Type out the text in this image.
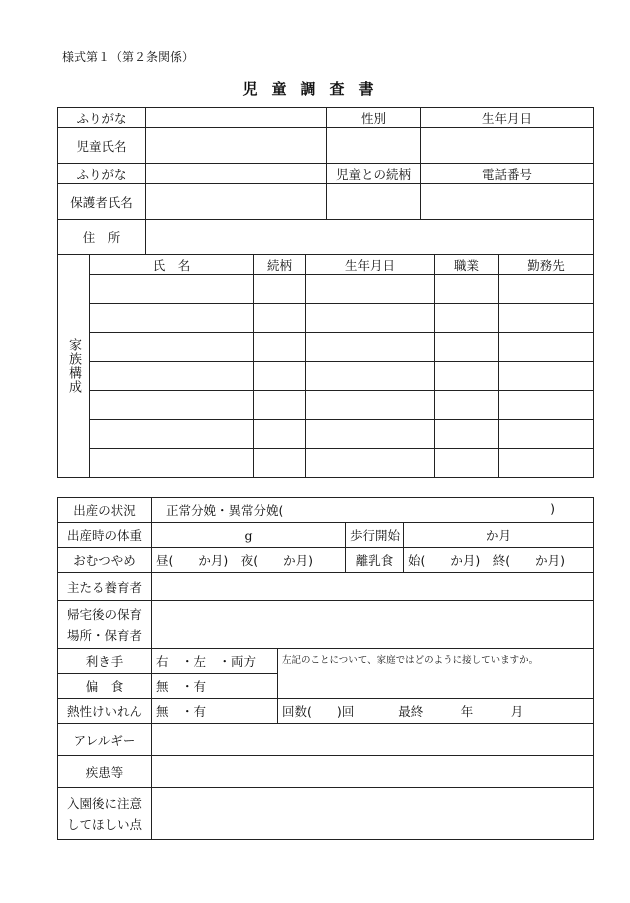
様式第１（第２条関係）
児童調査書
ふりがな		性別	生年月日
児童氏名			
ふりがな		児童との続柄	電話番号
保護者氏名			
住　所			
家族構成	氏　名	続柄	生年月日	職業	勤務先

出産の状況	正常分娩・異常分娩( )			

出産時の体重	g		歩行開始	か月
おむつやめ	昼(　　か月)　夜(　　か月)		離乳食	始(　　か月)　終(　　か月)
主たる養育者				
帰宅後の保育場所・保育者				
利き手	右　・左　・両方	左記のことについて、家庭ではどのように接していますか。		
偏　食	無　・有			
熱性けいれん	無　・有	回数(　　)回 最終　　　年　　　月		
アレルギー				
疾患等				
入園後に注意してほしい点				
